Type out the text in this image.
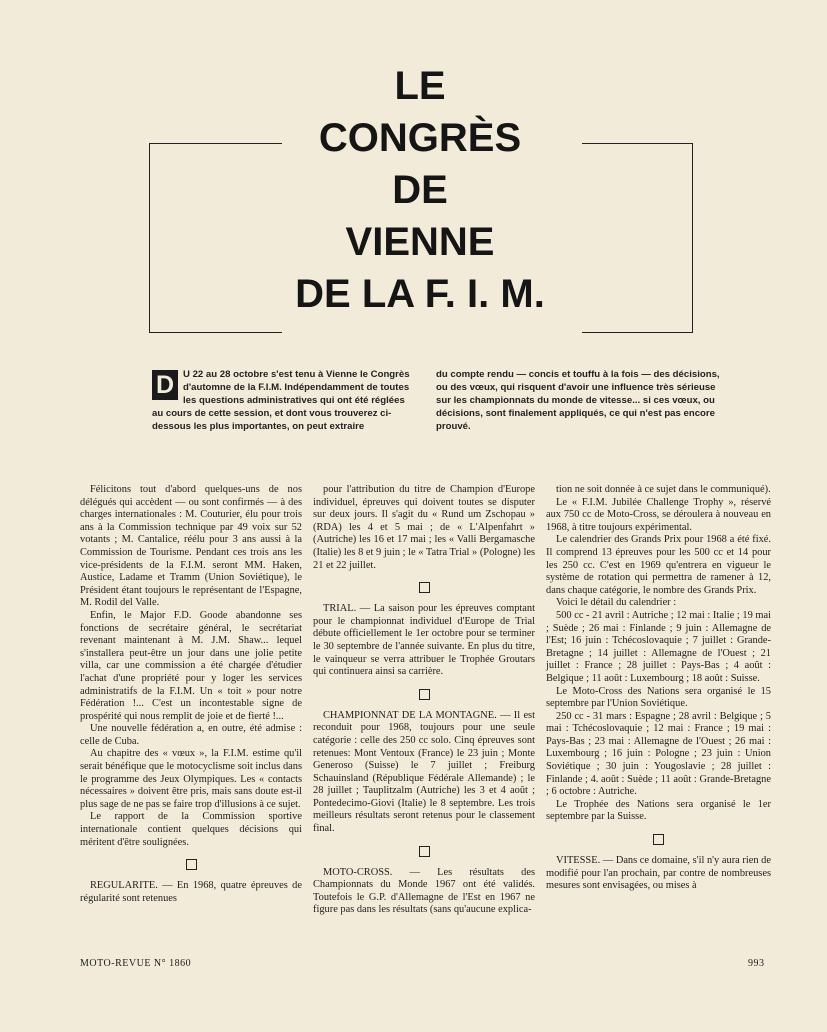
LE
CONGRÈS
DE
VIENNE
DE LA F. I. M.
D U 22 au 28 octobre s'est tenu à Vienne le Congrès d'automne de la F.I.M. Indépendamment de toutes les questions administratives qui ont été réglées au cours de cette session, et dont vous trouverez ci-dessous les plus importantes, on peut extraire
du compte rendu — concis et touffu à la fois — des décisions, ou des vœux, qui risquent d'avoir une influence très sérieuse sur les championnats du monde de vitesse... si ces vœux, ou décisions, sont finalement appliqués, ce qui n'est pas encore prouvé.

Félicitons tout d'abord quelques-uns de nos délégués qui accèdent — ou sont confirmés — à des charges internationales : M. Couturier, élu pour trois ans à la Commission technique par 49 voix sur 52 votants ; M. Cantalice, réélu pour 3 ans aussi à la Commission de Tourisme. Pendant ces trois ans les vice-présidents de la F.I.M. seront MM. Haken, Austice, Ladame et Tramm (Union Soviétique), le Président étant toujours le représentant de l'Espagne, M. Rodil del Valle.

Enfin, le Major F.D. Goode abandonne ses fonctions de secrétaire général, le secrétariat revenant maintenant à M. J.M. Shaw... lequel s'installera peut-être un jour dans une jolie petite villa, car une commission a été chargée d'étudier l'achat d'une propriété pour y loger les services administratifs de la F.I.M. Un « toit » pour notre Fédération !... C'est un incontestable signe de prospérité qui nous remplit de joie et de fierté !...

Une nouvelle fédération a, en outre, été admise : celle de Cuba.

Au chapitre des « vœux », la F.I.M. estime qu'il serait bénéfique que le motocyclisme soit inclus dans le programme des Jeux Olympiques. Les « contacts nécessaires » doivent être pris, mais sans doute est-il plus sage de ne pas se faire trop d'illusions à ce sujet.

Le rapport de la Commission sportive internationale contient quelques décisions qui méritent d'être soulignées.

REGULARITE. — En 1968, quatre épreuves de régularité sont retenues

pour l'attribution du titre de Champion d'Europe individuel, épreuves qui doivent toutes se disputer sur deux jours. Il s'agit du « Rund um Zschopau » (RDA) les 4 et 5 mai ; de « L'Alpenfahrt » (Autriche) les 16 et 17 mai ; les « Valli Bergamasche (Italie) les 8 et 9 juin ; le « Tatra Trial » (Pologne) les 21 et 22 juillet.

TRIAL. — La saison pour les épreuves comptant pour le championnat individuel d'Europe de Trial débute officiellement le 1er octobre pour se terminer le 30 septembre de l'année suivante. En plus du titre, le vainqueur se verra attribuer le Trophée Groutars qui continuera ainsi sa carrière.

CHAMPIONNAT DE LA MONTAGNE. — Il est reconduit pour 1968, toujours pour une seule catégorie : celle des 250 cc solo. Cinq épreuves sont retenues: Mont Ventoux (France) le 23 juin ; Monte Generoso (Suisse) le 7 juillet ; Freiburg Schauinsland (République Fédérale Allemande) ; le 28 juillet ; Tauplitzalm (Autriche) les 3 et 4 août ; Pontedecimo-Giovi (Italie) le 8 septembre. Les trois meilleurs résultats seront retenus pour le classement final.

MOTO-CROSS. — Les résultats des Championnats du Monde 1967 ont été validés. Toutefois le G.P. d'Allemagne de l'Est en 1967 ne figure pas dans les résultats (sans qu'aucune explica-

tion ne soit donnée à ce sujet dans le communiqué).

Le « F.I.M. Jubilée Challenge Trophy », réservé aux 750 cc de Moto-Cross, se déroulera à nouveau en 1968, à titre toujours expérimental.

Le calendrier des Grands Prix pour 1968 a été fixé. Il comprend 13 épreuves pour les 500 cc et 14 pour les 250 cc. C'est en 1969 qu'entrera en vigueur le système de rotation qui permettra de ramener à 12, dans chaque catégorie, le nombre des Grands Prix.

Voici le détail du calendrier :

500 cc - 21 avril : Autriche ; 12 mai : Italie ; 19 mai ; Suède ; 26 mai : Finlande ; 9 juin : Allemagne de l'Est; 16 juin : Tchécoslovaquie ; 7 juillet : Grande-Bretagne ; 14 juillet : Allemagne de l'Ouest ; 21 juillet : France ; 28 juillet : Pays-Bas ; 4 août : Belgique ; 11 août : Luxembourg ; 18 août : Suisse.

Le Moto-Cross des Nations sera organisé le 15 septembre par l'Union Soviétique.

250 cc - 31 mars : Espagne ; 28 avril : Belgique ; 5 mai : Tchécoslovaquie ; 12 mai : France ; 19 mai : Pays-Bas ; 23 mai : Allemagne de l'Ouest ; 26 mai : Luxembourg ; 16 juin : Pologne ; 23 juin : Union Soviétique ; 30 juin : Yougoslavie ; 28 juillet : Finlande ; 4. août : Suède ; 11 août : Grande-Bretagne ; 6 octobre : Autriche.

Le Trophée des Nations sera organisé le 1er septembre par la Suisse.

VITESSE. — Dans ce domaine, s'il n'y aura rien de modifié pour l'an prochain, par contre de nombreuses mesures sont envisagées, ou mises à

MOTO-REVUE N° 1860	993
